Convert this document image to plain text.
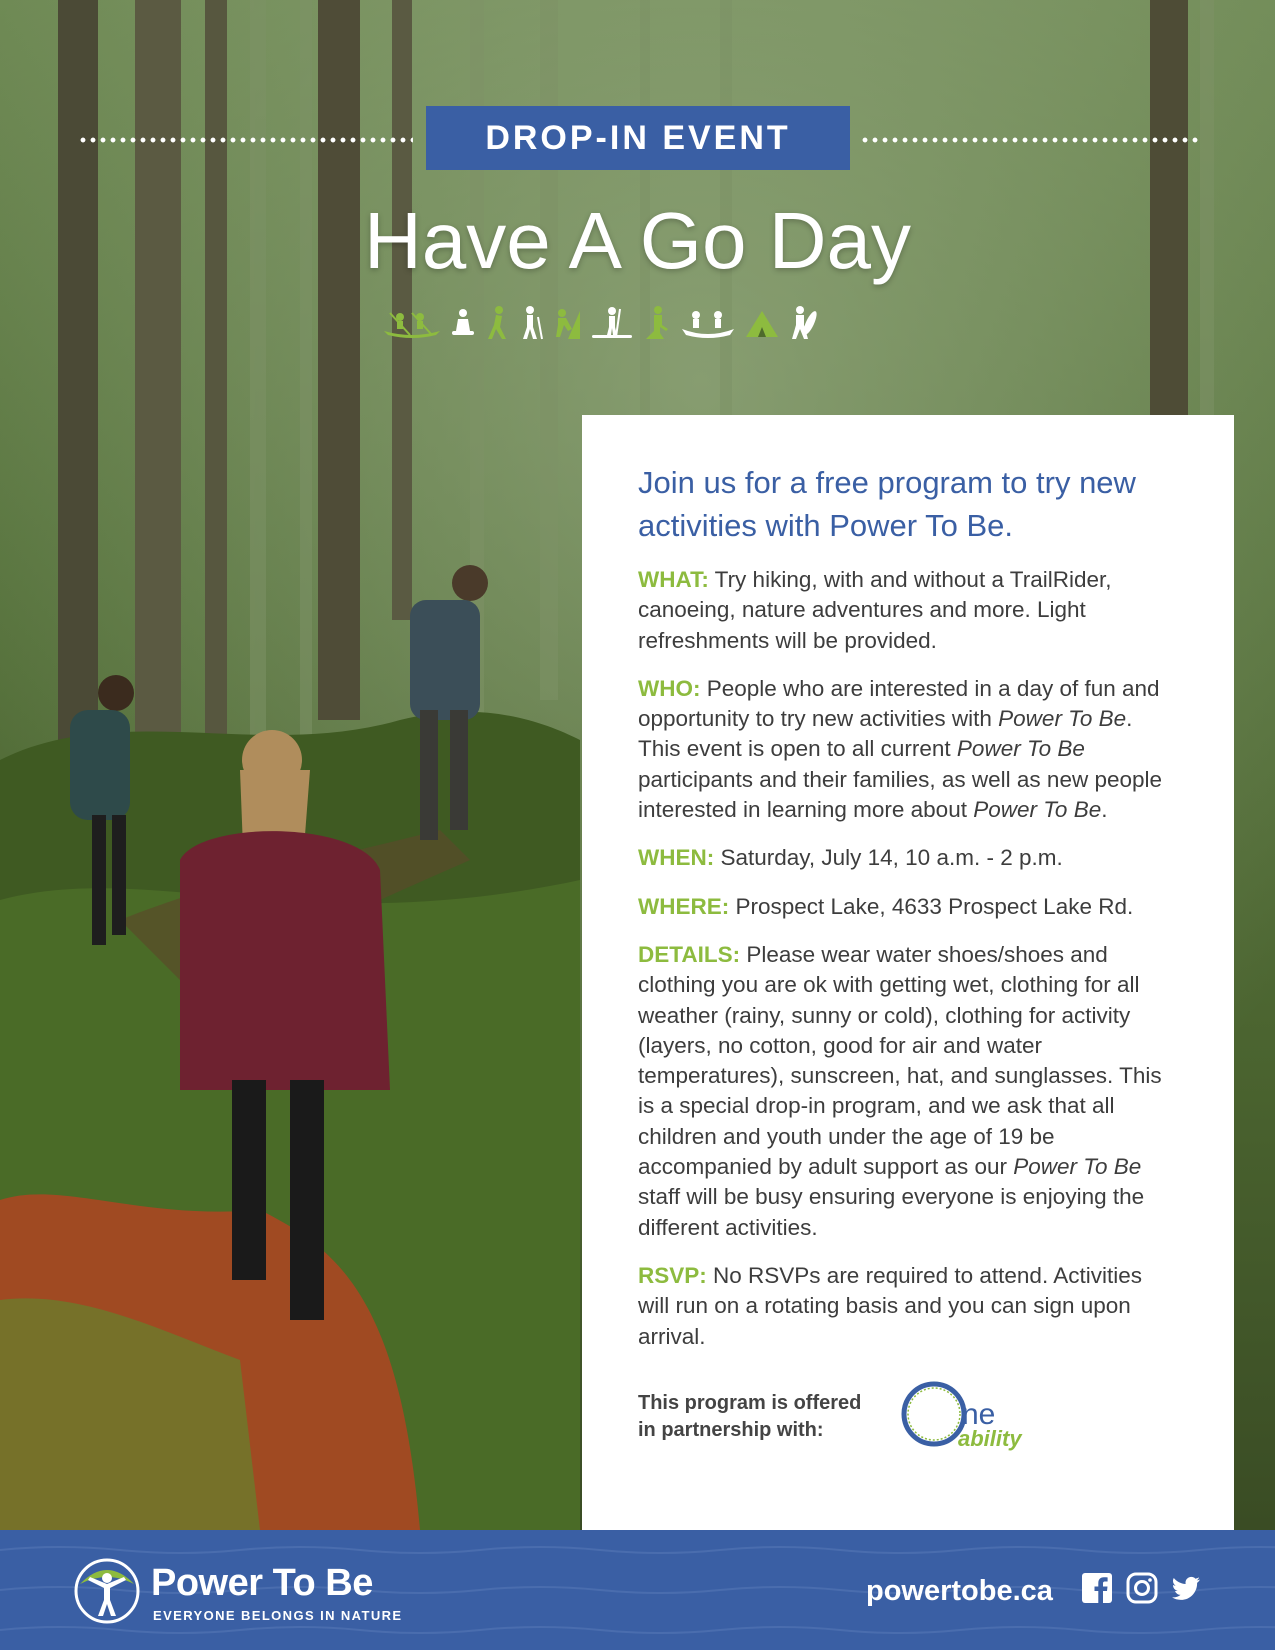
DROP-IN EVENT
Have A Go Day

Join us for a free program to try new activities with Power To Be.

WHAT: Try hiking, with and without a TrailRider, canoeing, nature adventures and more. Light refreshments will be provided.

WHO: People who are interested in a day of fun and opportunity to try new activities with Power To Be. This event is open to all current Power To Be participants and their families, as well as new people interested in learning more about Power To Be.

WHEN: Saturday, July 14, 10 a.m. - 2 p.m.

WHERE: Prospect Lake, 4633 Prospect Lake Rd.

DETAILS: Please wear water shoes/shoes and clothing you are ok with getting wet, clothing for all weather (rainy, sunny or cold), clothing for activity (layers, no cotton, good for air and water temperatures), sunscreen, hat, and sunglasses. This is a special drop-in program, and we ask that all children and youth under the age of 19 be accompanied by adult support as our Power To Be staff will be busy ensuring everyone is enjoying the different activities.

RSVP: No RSVPs are required to attend. Activities will run on a rotating basis and you can sign upon arrival.

This program is offered
in partnership with:	ne
ability
Power To Be
EVERYONE BELONGS IN NATURE
powertobe.ca
